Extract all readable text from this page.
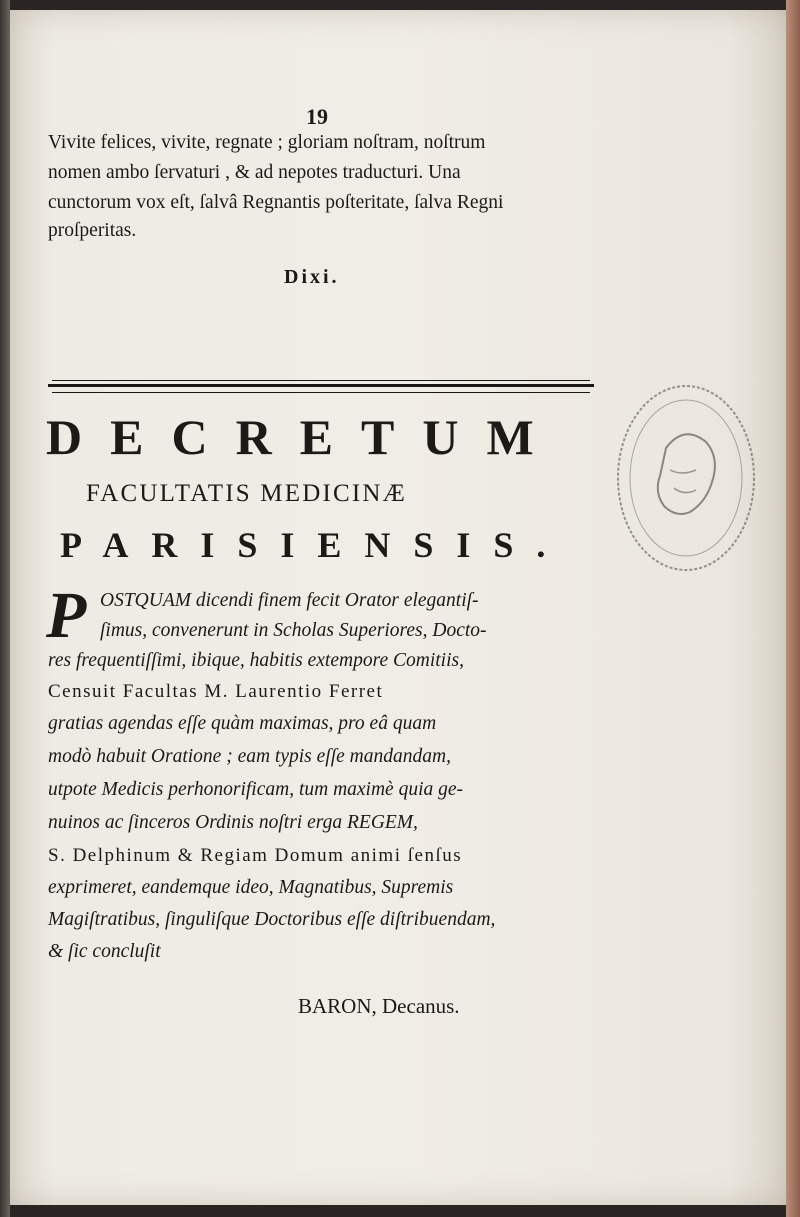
19
Vivite felices, vivite, regnate ; gloriam noſtram, noſtrum
nomen ambo ſervaturi , & ad nepotes traducturi. Una
cunctorum vox eſt, ſalvâ Regnantis poſteritate, ſalva Regni
proſperitas.
Dixi.
DECRETUM
FACULTATIS MEDICINÆ
PARISIENSIS.
P OSTQUAM dicendi finem fecit Orator elegantiſ-
ſimus, convenerunt in Scholas Superiores, Docto-
res frequentiſſimi, ibique, habitis extempore Comitiis,
Censuit Facultas M. Laurentio Ferret
gratias agendas eſſe quàm maximas, pro eâ quam
modò habuit Oratione ; eam typis eſſe mandandam,
utpote Medicis perhonorificam, tum maximè quia ge-
nuinos ac ſinceros Ordinis noſtri erga REGEM,
S. Delphinum & Regiam Domum animi ſenſus
exprimeret, eandemque ideo, Magnatibus, Supremis
Magiſtratibus, ſinguliſque Doctoribus eſſe diſtribuendam,
& ſic concluſit
BARON, Decanus.
